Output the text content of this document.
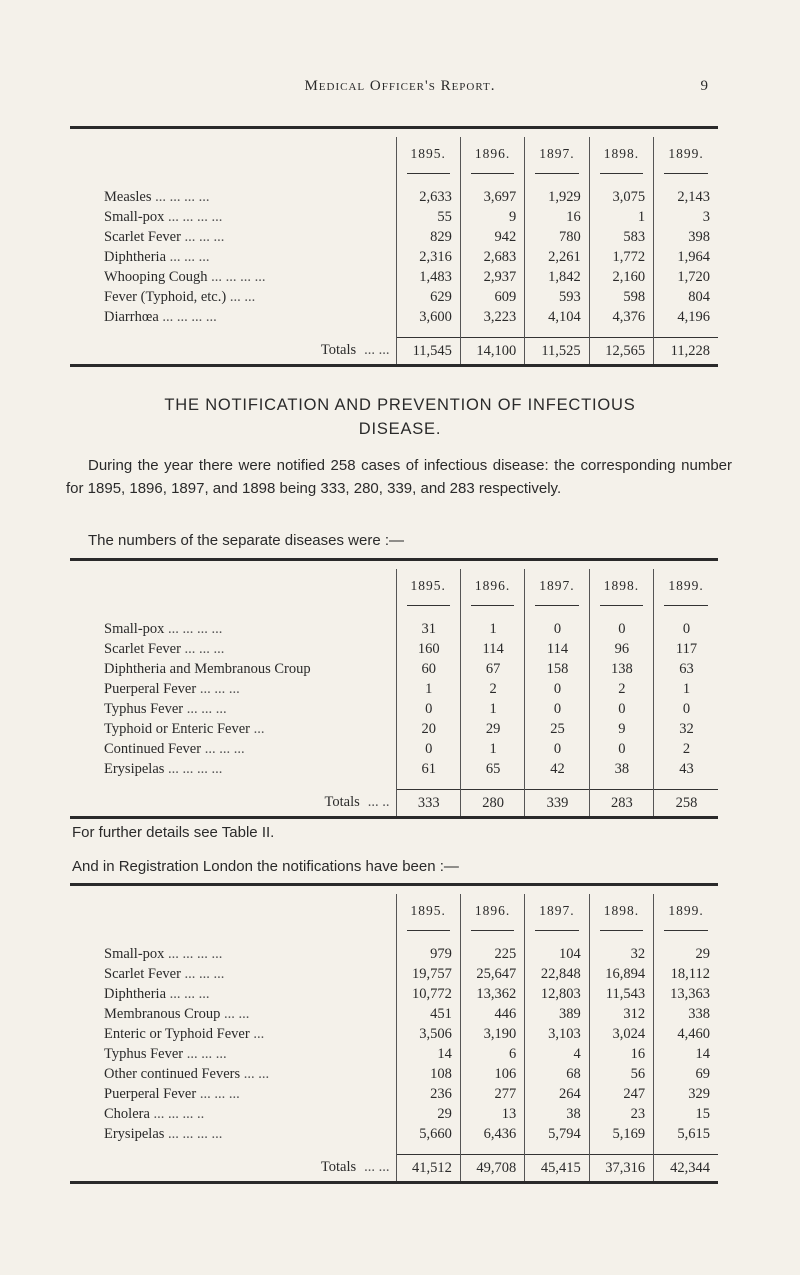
Medical Officer's Report.	9

	1895.	1896.	1897.	1898.	1899.

Measles ... ... ... ...	2,633	3,697	1,929	3,075	2,143
Small-pox ... ... ... ...	55	9	16	1	3
Scarlet Fever ... ... ...	829	942	780	583	398
Diphtheria ... ... ...	2,316	2,683	2,261	1,772	1,964
Whooping Cough ... ... ... ...	1,483	2,937	1,842	2,160	1,720
Fever (Typhoid, etc.) ... ...	629	609	593	598	804
Diarrhœa ... ... ... ...	3,600	3,223	4,104	4,376	4,196

Totals ... ...	11,545	14,100	11,525	12,565	11,228

THE NOTIFICATION AND PREVENTION OF INFECTIOUS
DISEASE.
During the year there were notified 258 cases of infectious disease: the corresponding number for 1895, 1896, 1897, and 1898 being 333, 280, 339, and 283 respectively.
The numbers of the separate diseases were :—

	1895.	1896.	1897.	1898.	1899.

Small-pox ... ... ... ...	31	1	0	0	0
Scarlet Fever ... ... ...	160	114	114	96	117
Diphtheria and Membranous Croup	60	67	158	138	63
Puerperal Fever ... ... ...	1	2	0	2	1
Typhus Fever ... ... ...	0	1	0	0	0
Typhoid or Enteric Fever ...	20	29	25	9	32
Continued Fever ... ... ...	0	1	0	0	2
Erysipelas ... ... ... ...	61	65	42	38	43

Totals ... ..	333	280	339	283	258

For further details see Table II.
And in Registration London the notifications have been :—

	1895.	1896.	1897.	1898.	1899.

Small-pox ... ... ... ...	979	225	104	32	29
Scarlet Fever ... ... ...	19,757	25,647	22,848	16,894	18,112
Diphtheria ... ... ...	10,772	13,362	12,803	11,543	13,363
Membranous Croup ... ...	451	446	389	312	338
Enteric or Typhoid Fever ...	3,506	3,190	3,103	3,024	4,460
Typhus Fever ... ... ...	14	6	4	16	14
Other continued Fevers ... ...	108	106	68	56	69
Puerperal Fever ... ... ...	236	277	264	247	329
Cholera ... ... ... ..	29	13	38	23	15
Erysipelas ... ... ... ...	5,660	6,436	5,794	5,169	5,615

Totals ... ...	41,512	49,708	45,415	37,316	42,344
